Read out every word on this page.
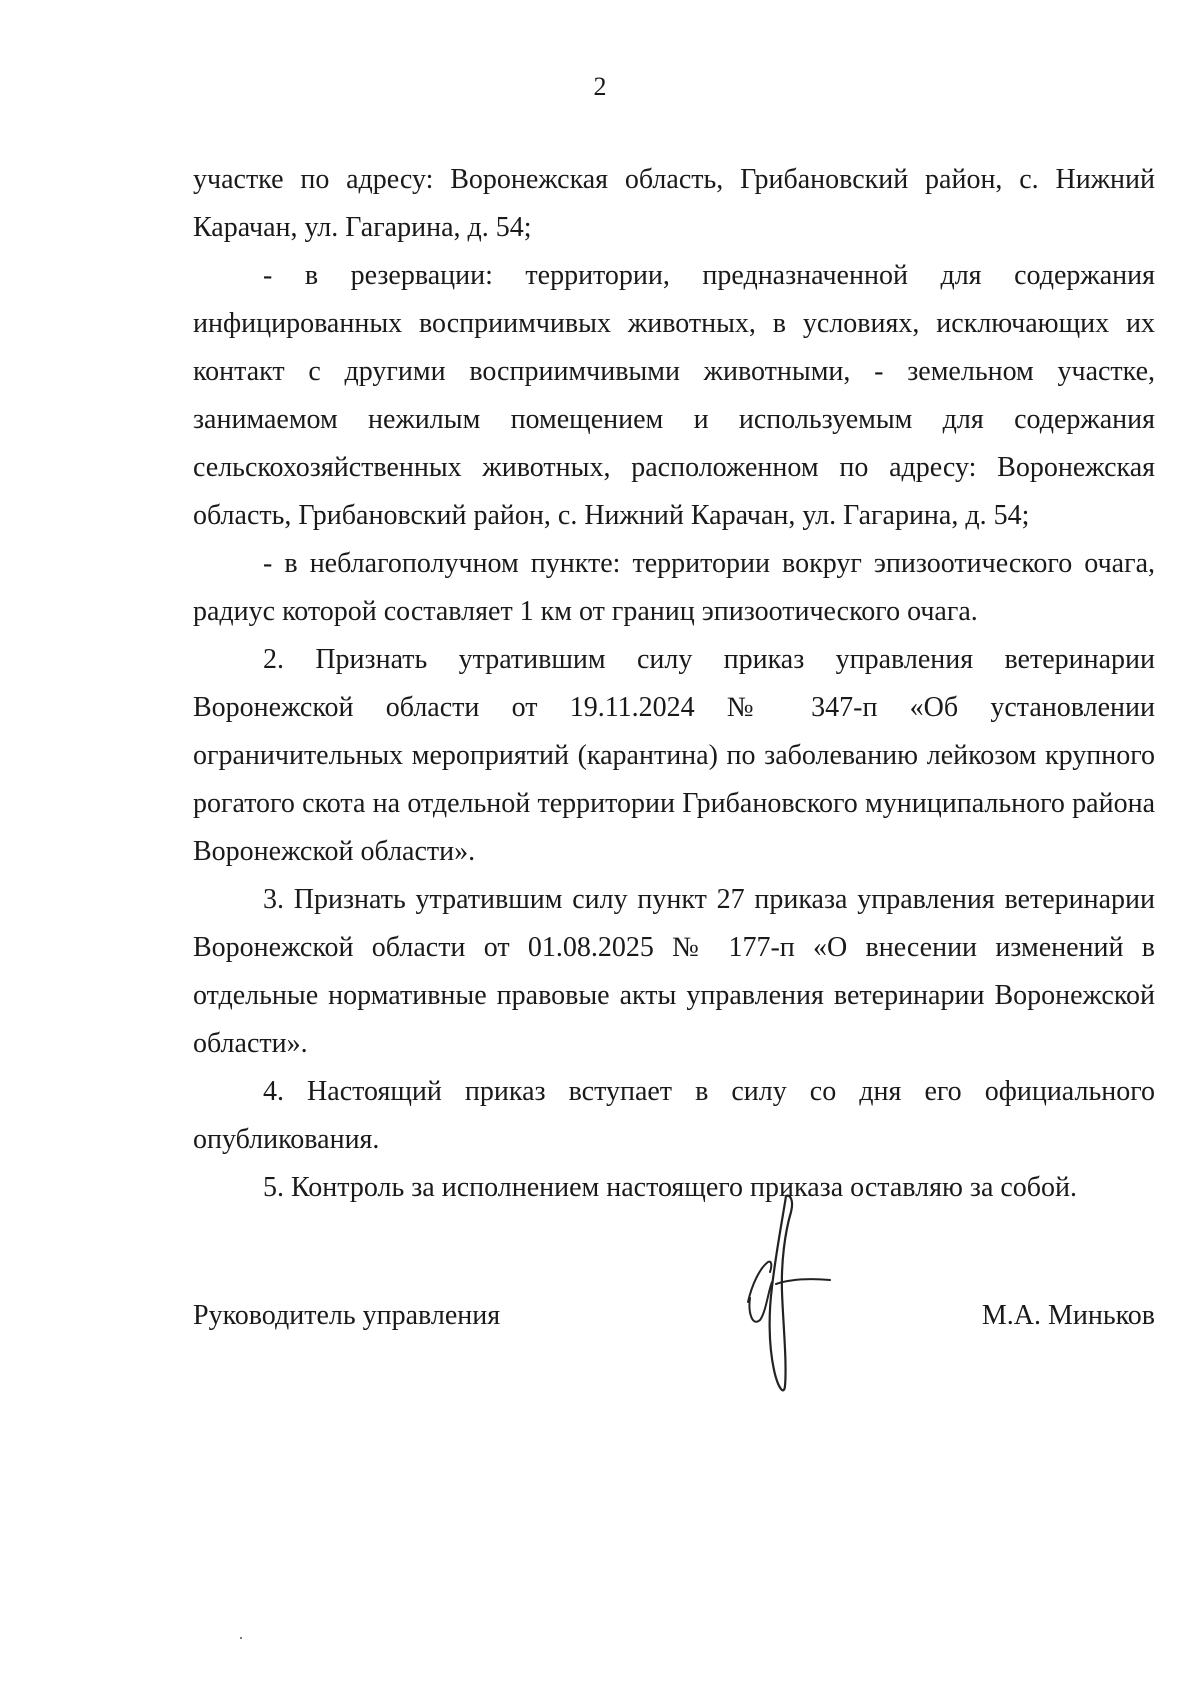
2

участке по адресу: Воронежская область, Грибановский район, с. Нижний Карачан, ул. Гагарина, д. 54;

- в резервации: территории, предназначенной для содержания инфицированных восприимчивых животных, в условиях, исключающих их контакт с другими восприимчивыми животными, - земельном участке, занимаемом нежилым помещением и используемым для содержания сельскохозяйственных животных, расположенном по адресу: Воронежская область, Грибановский район, с. Нижний Карачан, ул. Гагарина, д. 54;

- в неблагополучном пункте: территории вокруг эпизоотического очага, радиус которой составляет 1 км от границ эпизоотического очага.

2. Признать утратившим силу приказ управления ветеринарии Воронежской области от 19.11.2024 № 347-п «Об установлении ограничительных мероприятий (карантина) по заболеванию лейкозом крупного рогатого скота на отдельной территории Грибановского муниципального района Воронежской области».

3. Признать утратившим силу пункт 27 приказа управления ветеринарии Воронежской области от 01.08.2025 № 177-п «О внесении изменений в отдельные нормативные правовые акты управления ветеринарии Воронежской области».

4. Настоящий приказ вступает в силу со дня его официального опубликования.

5. Контроль за исполнением настоящего приказа оставляю за собой.

Руководитель управления	М.А. Миньков
